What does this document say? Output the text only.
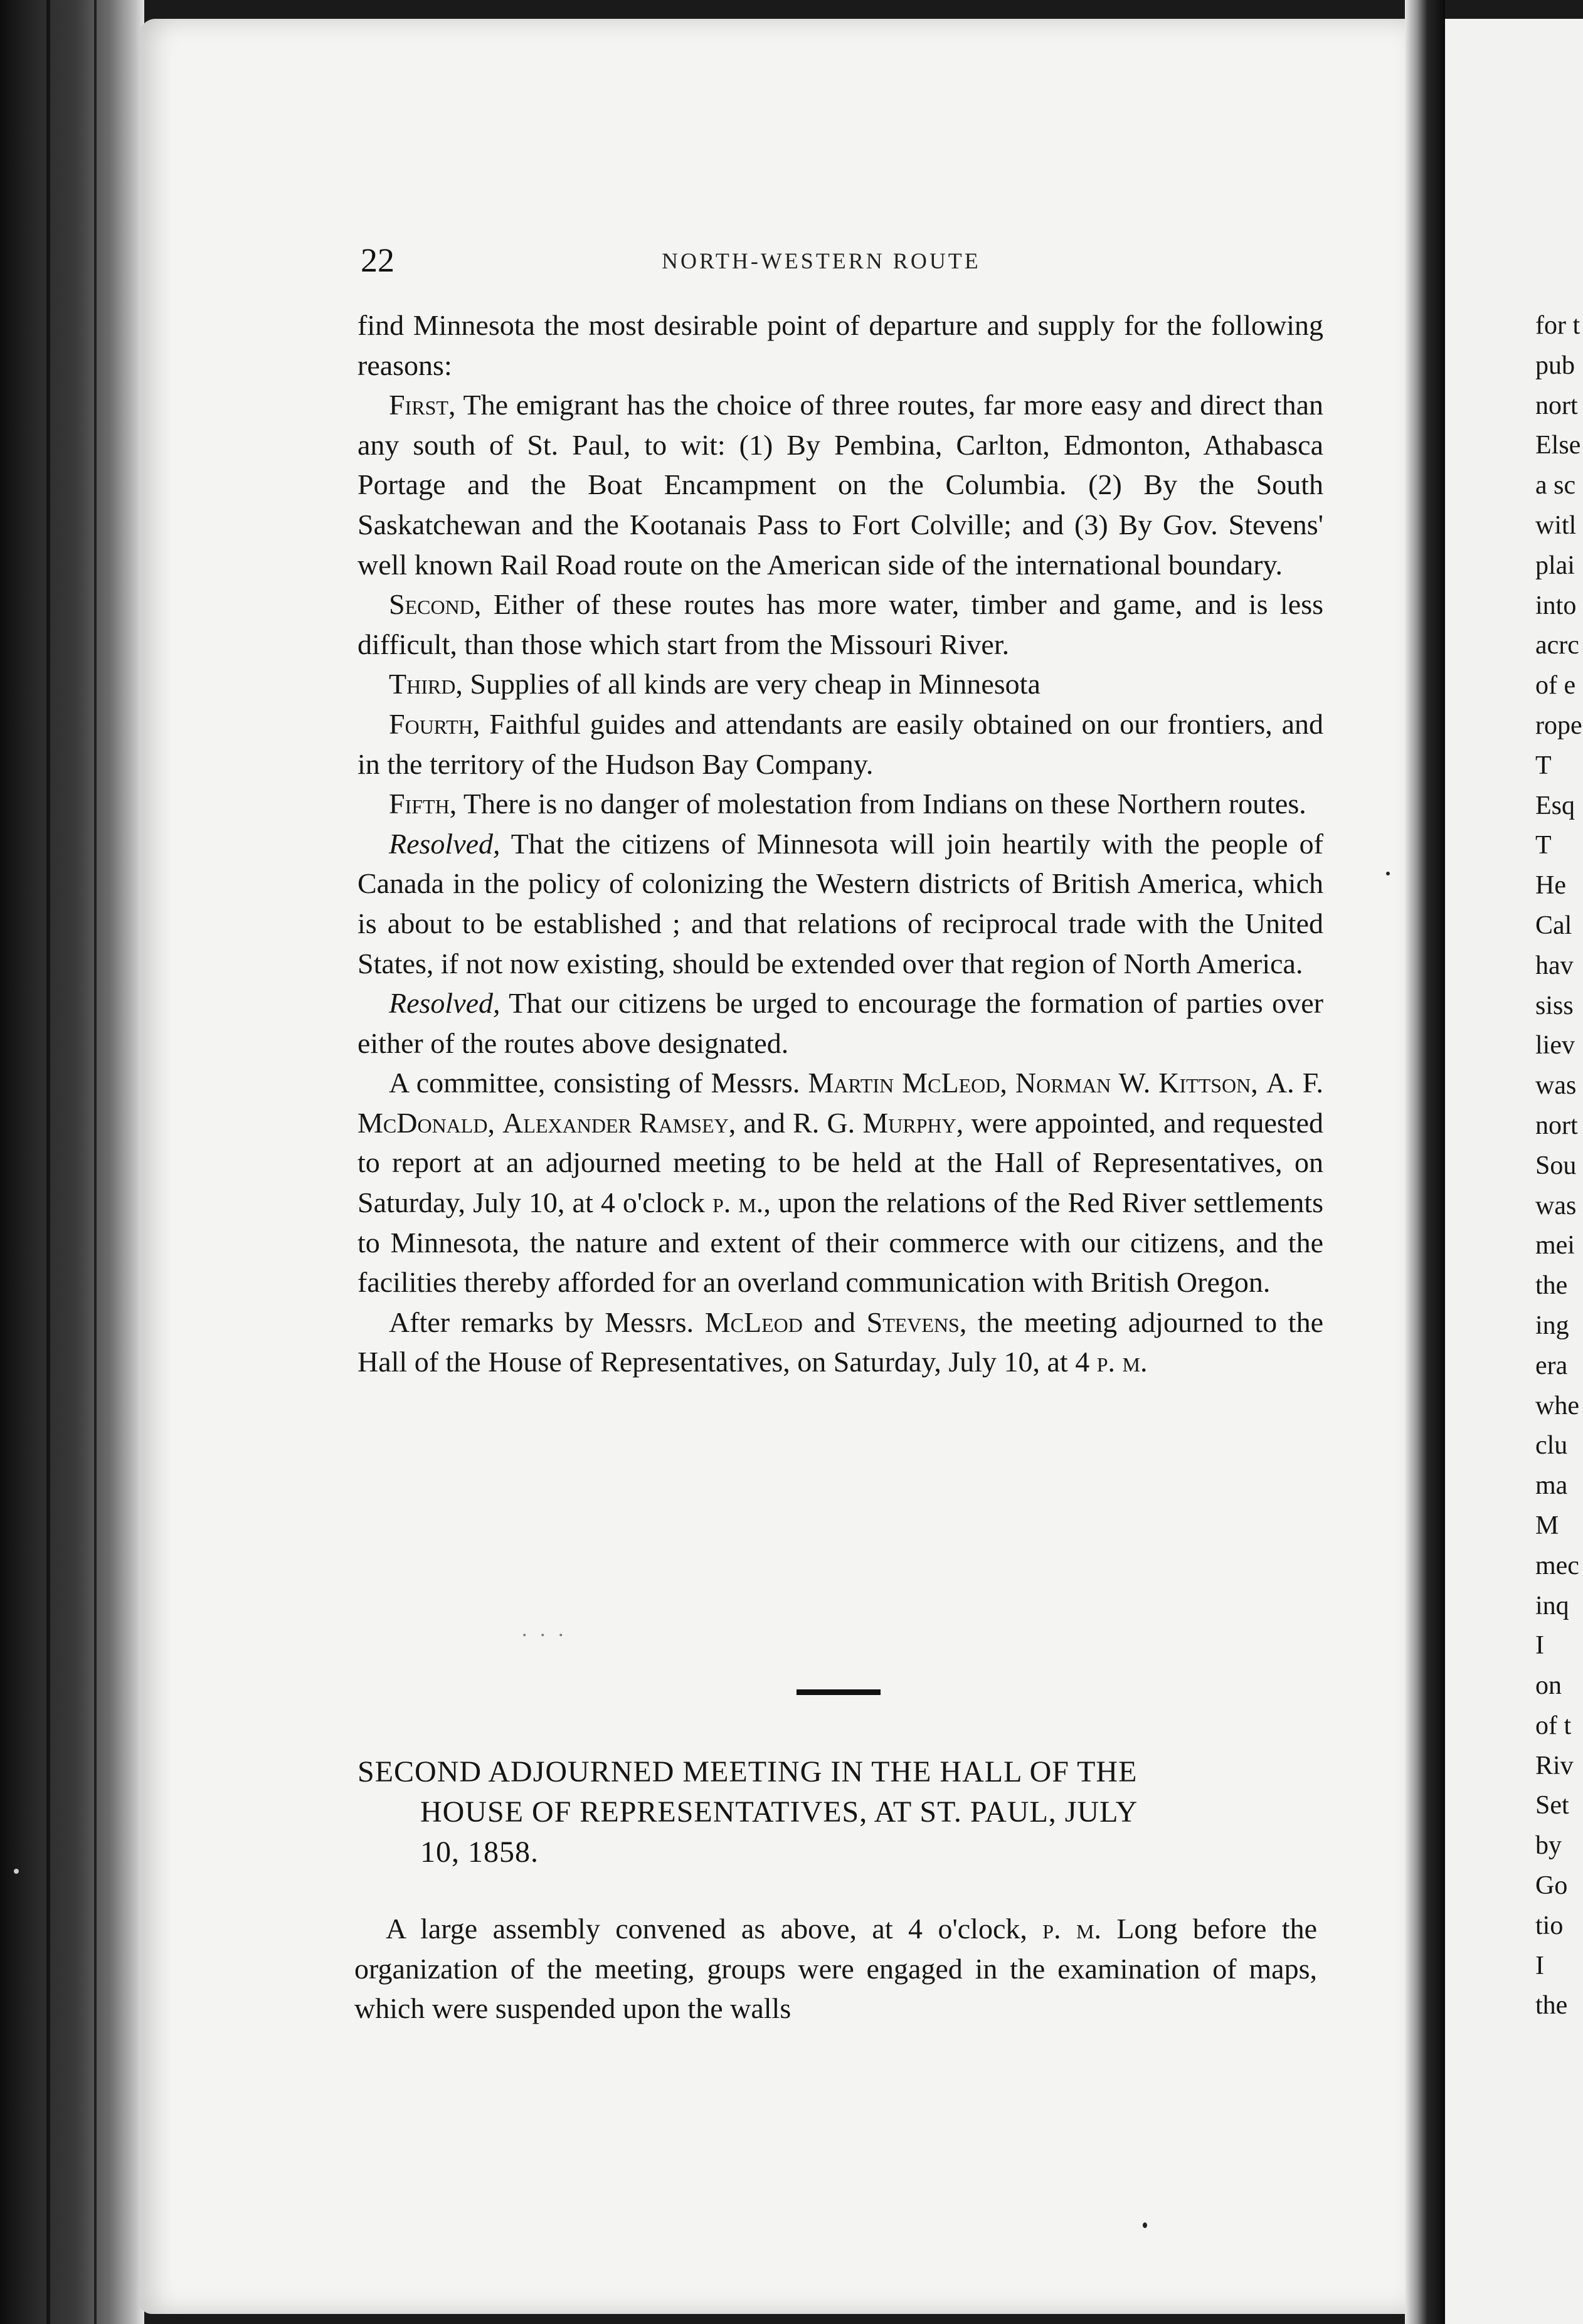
22	NORTH-WESTERN ROUTE

find Minnesota the most desirable point of departure and supply for the following reasons:

First, The emigrant has the choice of three routes, far more easy and direct than any south of St. Paul, to wit: (1) By Pembina, Carlton, Edmonton, Athabasca Portage and the Boat Encampment on the Columbia. (2) By the South Saskatchewan and the Kootanais Pass to Fort Colville; and (3) By Gov. Stevens' well known Rail Road route on the American side of the international boundary.

Second, Either of these routes has more water, timber and game, and is less difficult, than those which start from the Missouri River.

Third, Supplies of all kinds are very cheap in Minnesota

Fourth, Faithful guides and attendants are easily obtained on our frontiers, and in the territory of the Hudson Bay Company.

Fifth, There is no danger of molestation from Indians on these Northern routes.

Resolved, That the citizens of Minnesota will join heartily with the people of Canada in the policy of colonizing the Western districts of British America, which is about to be established ; and that relations of reciprocal trade with the United States, if not now existing, should be extended over that region of North America.

Resolved, That our citizens be urged to encourage the formation of parties over either of the routes above designated.

A committee, consisting of Messrs. Martin McLeod, Norman W. Kittson, A. F. McDonald, Alexander Ramsey, and R. G. Murphy, were appointed, and requested to report at an adjourned meeting to be held at the Hall of Representatives, on Saturday, July 10, at 4 o'clock p. m., upon the relations of the Red River settlements to Minnesota, the nature and extent of their commerce with our citizens, and the facilities thereby afforded for an overland communication with British Oregon.

After remarks by Messrs. McLeod and Stevens, the meeting adjourned to the Hall of the House of Representatives, on Saturday, July 10, at 4 p. m.

. . .
SECOND ADJOURNED MEETING IN THE HALL OF THE
HOUSE OF REPRESENTATIVES, AT ST. PAUL, JULY
10, 1858.

A large assembly convened as above, at 4 o'clock, p. m. Long before the organization of the meeting, groups were engaged in the examination of maps, which were suspended upon the walls

for t
pub
nort
Else
a sc
witl
plai
into
acrc
of e
rope
T
Esq
T
He
Cal
hav
siss
liev
was
nort
Sou
was
mei
the
ing
era
whe
clu
ma
M
mec
inq
I
on
of t
Riv
Set
by
Go
tio
I
the
